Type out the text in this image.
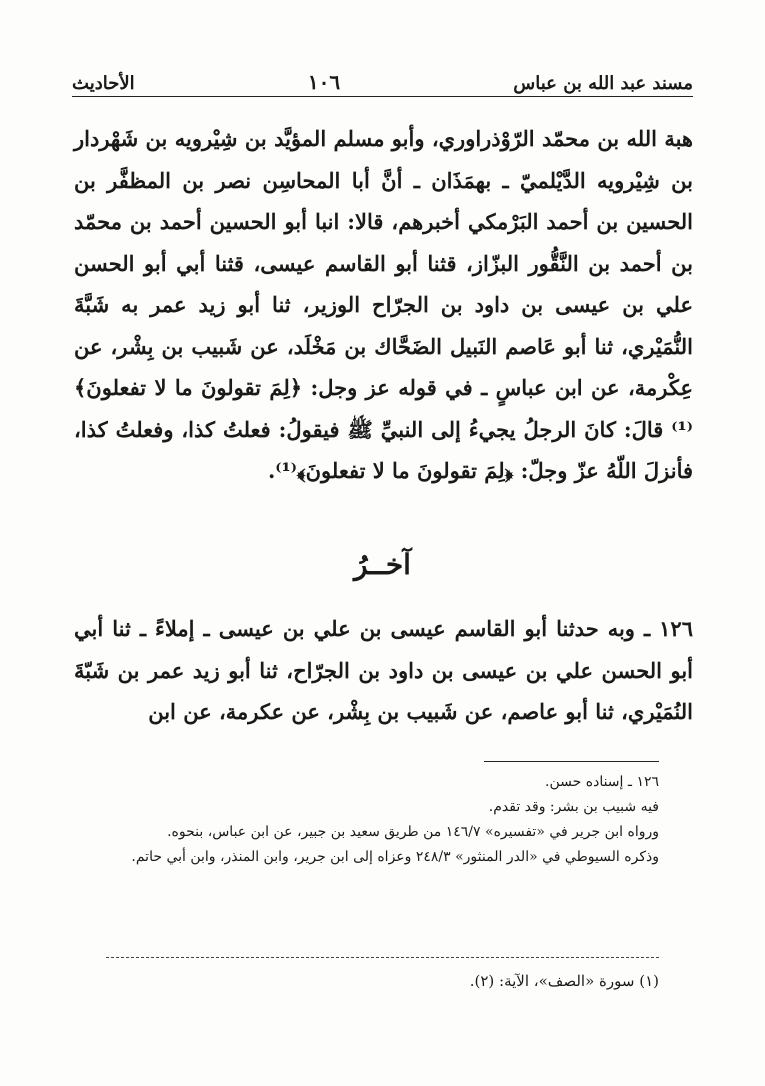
مسند عبد الله بن عباس
١٠٦
الأحاديث

هبة الله بن محمّد الرّوْذراوري، وأبو مسلم المؤيَّد بن شِيْرويه بن شَهْردار بن شِيْرويه الدَّيْلميّ ـ بهمَذَان ـ أنَّ أبا المحاسِن نصر بن المظفَّر بن الحسين بن أحمد البَرْمكي أخبرهم، قالا: انبا أبو الحسين أحمد بن محمّد بن أحمد بن النَّقُّور البزّاز، قثنا أبو القاسم عيسى، قثنا أبي أبو الحسن علي بن عيسى بن داود بن الجرّاح الوزير، ثنا أبو زيد عمر به شَبَّةَ النُّمَيْري، ثنا أبو عَاصم النَبيل الضَحَّاك بن مَخْلَد، عن شَبيب بن بِشْر، عن عِكْرمة، عن ابن عباسٍ ـ في قوله عز وجل: ﴿لِمَ تقولونَ ما لا تفعلونَ﴾⁽¹⁾ قالَ: كانَ الرجلُ يجيءُ إلى النبيِّ ﷺ فيقولُ: فعلتُ كذا، وفعلتُ كذا، فأنزلَ اللّهُ عزّ وجلّ: ﴿لِمَ تقولونَ ما لا تفعلونَ﴾⁽¹⁾.

آخــرُ

١٢٦ ـ وبه حدثنا أبو القاسم عيسى بن علي بن عيسى ـ إملاءً ـ ثنا أبي أبو الحسن علي بن عيسى بن داود بن الجرّاح، ثنا أبو زيد عمر بن شَبّةَ النُمَيْري، ثنا أبو عاصم، عن شَبيب بن بِشْر، عن عكرمة، عن ابن

١٢٦ ـ إسناده حسن.

فيه شبيب بن بشر: وقد تقدم.

ورواه ابن جرير في «تفسيره» ١٤٦/٧ من طريق سعيد بن جبير، عن ابن عباس، بنحوه.

وذكره السيوطي في «الدر المنثور» ٢٤٨/٣ وعزاه إلى ابن جرير، وابن المنذر، وابن أبي حاتم.

(١) سورة «الصف»، الآية: (٢).
